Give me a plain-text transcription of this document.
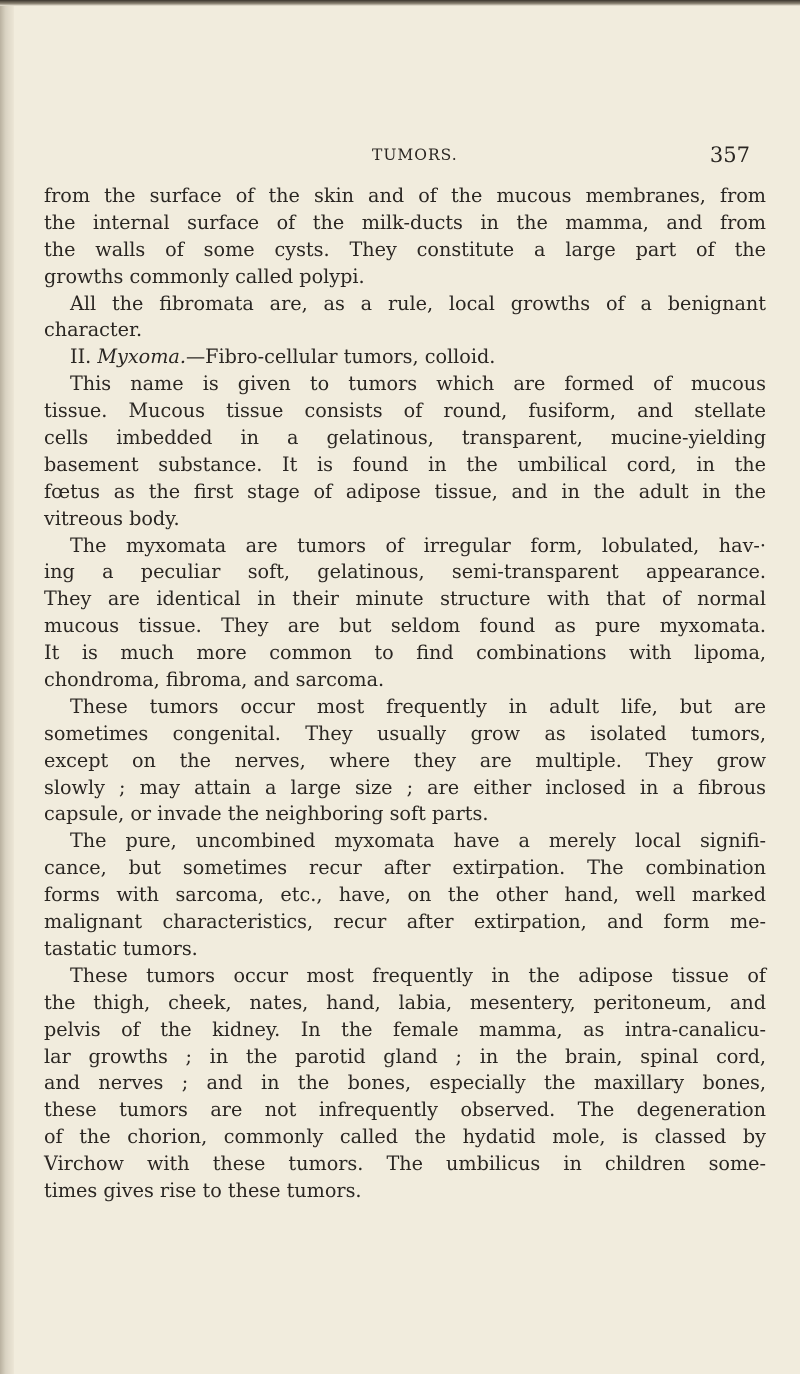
TUMORS.	357
from the surface of the skin and of the mucous membranes, from
the internal surface of the milk-ducts in the mamma, and from
the walls of some cysts. They constitute a large part of the
growths commonly called polypi.
All the fibromata are, as a rule, local growths of a benignant
character.
II. Myxoma.—Fibro-cellular tumors, colloid.
This name is given to tumors which are formed of mucous
tissue. Mucous tissue consists of round, fusiform, and stellate
cells imbedded in a gelatinous, transparent, mucine-yielding
basement substance. It is found in the umbilical cord, in the
fœtus as the first stage of adipose tissue, and in the adult in the
vitreous body.
The myxomata are tumors of irregular form, lobulated, hav-·
ing a peculiar soft, gelatinous, semi-transparent appearance.
They are identical in their minute structure with that of normal
mucous tissue. They are but seldom found as pure myxomata.
It is much more common to find combinations with lipoma,
chondroma, fibroma, and sarcoma.
These tumors occur most frequently in adult life, but are
sometimes congenital. They usually grow as isolated tumors,
except on the nerves, where they are multiple. They grow
slowly ; may attain a large size ; are either inclosed in a fibrous
capsule, or invade the neighboring soft parts.
The pure, uncombined myxomata have a merely local signifi-
cance, but sometimes recur after extirpation. The combination
forms with sarcoma, etc., have, on the other hand, well marked
malignant characteristics, recur after extirpation, and form me-
tastatic tumors.
These tumors occur most frequently in the adipose tissue of
the thigh, cheek, nates, hand, labia, mesentery, peritoneum, and
pelvis of the kidney. In the female mamma, as intra-canalicu-
lar growths ; in the parotid gland ; in the brain, spinal cord,
and nerves ; and in the bones, especially the maxillary bones,
these tumors are not infrequently observed. The degeneration
of the chorion, commonly called the hydatid mole, is classed by
Virchow with these tumors. The umbilicus in children some-
times gives rise to these tumors.
